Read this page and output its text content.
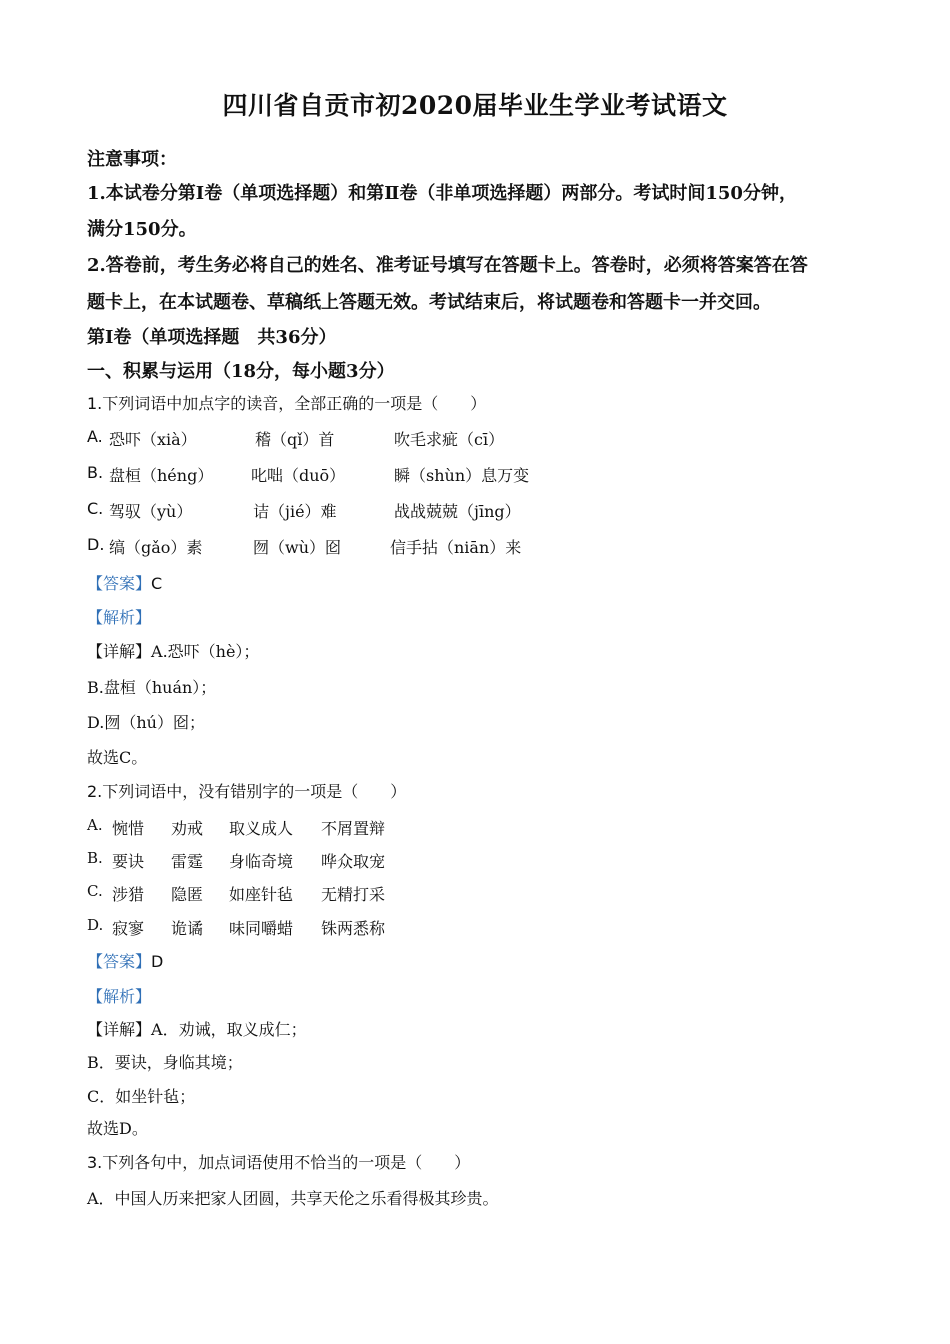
四川省自贡市初2020届毕业生学业考试语文
注意事项：
1.本试卷分第Ⅰ卷（单项选择题）和第Ⅱ卷（非单项选择题）两部分。考试时间150分钟，
满分150分。
2.答卷前，考生务必将自己的姓名、准考证号填写在答题卡上。答卷时，必须将答案答在答
题卡上，在本试题卷、草稿纸上答题无效。考试结束后，将试题卷和答题卡一并交回。
第Ⅰ卷（单项选择题　共36分）
一、积累与运用（18分，每小题3分）
1.下列词语中加点字的读音，全部正确的一项是（　　）
A. 恐吓（xià）	稽（qǐ）首	吹毛求疵（cī）
B. 盘桓（héng） 叱咄（duō）	瞬（shùn）息万变
C. 驾驭（yù）	诘（jié）难	战战兢兢（jīng）
D. 缟（gǎo）素	囫（wù）囵	信手拈（niān）来
【答案】C
【解析】
【详解】A.恐吓（hè）；
B.盘桓（huán）；
D.囫（hú）囵；
故选C。
2.下列词语中，没有错别字的一项是（　　）
A. 惋惜 劝戒 取义成人 不屑置辩
B. 要诀 雷霆 身临奇境 哗众取宠
C. 涉猎 隐匿 如座针毡 无精打采
D. 寂寥 诡谲 味同嚼蜡 铢两悉称
【答案】D
【解析】
【详解】A．劝诫，取义成仁；
B．要诀，身临其境；
C．如坐针毡；
故选D。
3.下列各句中，加点词语使用不恰当的一项是（　　）
A．中国人历来把家人团圆，共享天伦之乐看得极其珍贵。
